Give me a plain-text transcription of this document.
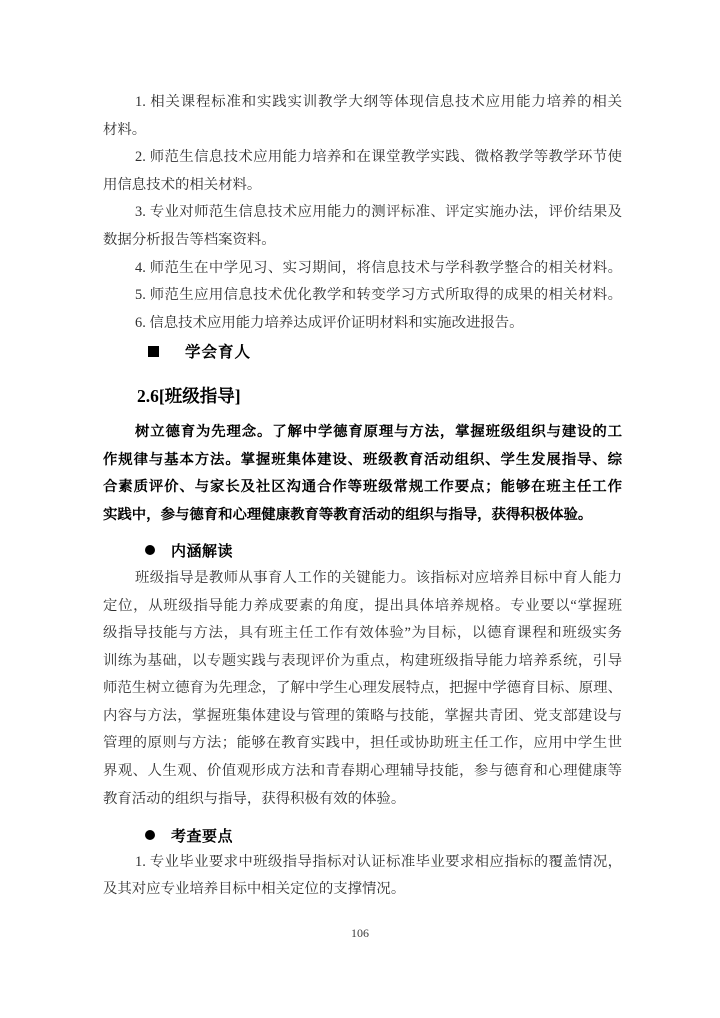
1. 相关课程标准和实践实训教学大纲等体现信息技术应用能力培养的相关
材料。
2. 师范生信息技术应用能力培养和在课堂教学实践、微格教学等教学环节使
用信息技术的相关材料。
3. 专业对师范生信息技术应用能力的测评标准、评定实施办法，评价结果及
数据分析报告等档案资料。
4. 师范生在中学见习、实习期间，将信息技术与学科教学整合的相关材料。
5. 师范生应用信息技术优化教学和转变学习方式所取得的成果的相关材料。
6. 信息技术应用能力培养达成评价证明材料和实施改进报告。
学会育人
2.6[班级指导]
树立德育为先理念。了解中学德育原理与方法，掌握班级组织与建设的工
作规律与基本方法。掌握班集体建设、班级教育活动组织、学生发展指导、综
合素质评价、与家长及社区沟通合作等班级常规工作要点；能够在班主任工作
实践中，参与德育和心理健康教育等教育活动的组织与指导，获得积极体验。
内涵解读
班级指导是教师从事育人工作的关键能力。该指标对应培养目标中育人能力
定位，从班级指导能力养成要素的角度，提出具体培养规格。专业要以“掌握班
级指导技能与方法，具有班主任工作有效体验”为目标，以德育课程和班级实务
训练为基础，以专题实践与表现评价为重点，构建班级指导能力培养系统，引导
师范生树立德育为先理念，了解中学生心理发展特点，把握中学德育目标、原理、
内容与方法，掌握班集体建设与管理的策略与技能，掌握共青团、党支部建设与
管理的原则与方法；能够在教育实践中，担任或协助班主任工作，应用中学生世
界观、人生观、价值观形成方法和青春期心理辅导技能，参与德育和心理健康等
教育活动的组织与指导，获得积极有效的体验。
考查要点
1. 专业毕业要求中班级指导指标对认证标准毕业要求相应指标的覆盖情况，
及其对应专业培养目标中相关定位的支撑情况。
106
